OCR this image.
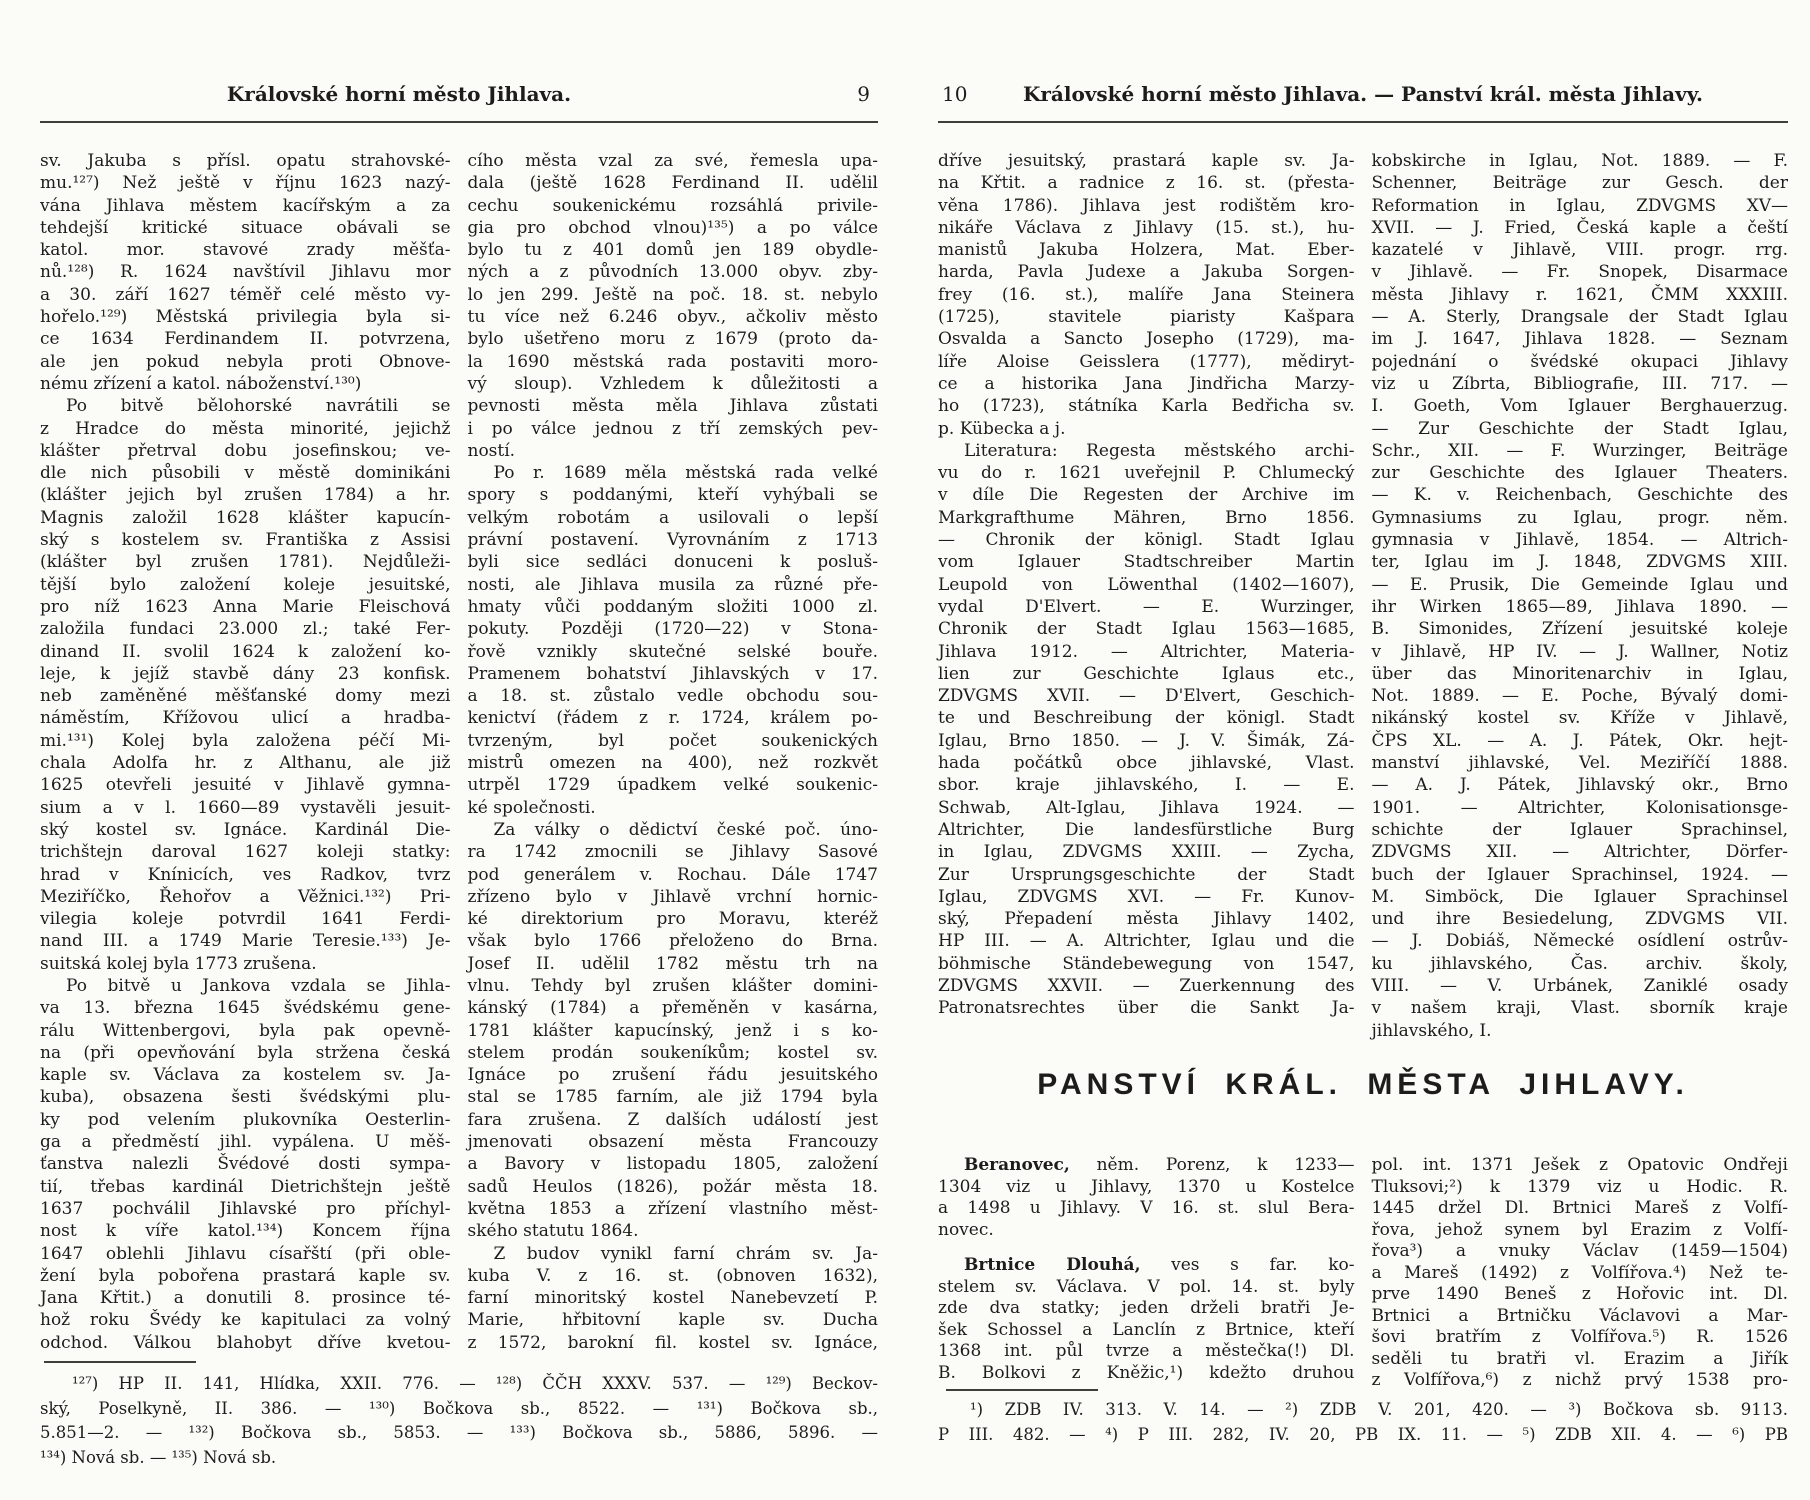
Královské horní město Jihlava.	9
sv. Jakuba s přísl. opatu strahovské-
mu.¹²⁷) Než ještě v říjnu 1623 nazý-
vána Jihlava městem kacířským a za
tehdejší kritické situace obávali se
katol. mor. stavové zrady měšťa-
nů.¹²⁸) R. 1624 navštívil Jihlavu mor
a 30. září 1627 téměř celé město vy-
hořelo.¹²⁹) Městská privilegia byla si-
ce 1634 Ferdinandem II. potvrzena,
ale jen pokud nebyla proti Obnove-
nému zřízení a katol. náboženství.¹³⁰)
Po bitvě bělohorské navrátili se
z Hradce do města minorité, jejichž
klášter přetrval dobu josefinskou; ve-
dle nich působili v městě dominikáni
(klášter jejich byl zrušen 1784) a hr.
Magnis založil 1628 klášter kapucín-
ský s kostelem sv. Františka z Assisi
(klášter byl zrušen 1781). Nejdůleži-
tější bylo založení koleje jesuitské,
pro níž 1623 Anna Marie Fleischová
založila fundaci 23.000 zl.; také Fer-
dinand II. svolil 1624 k založení ko-
leje, k jejíž stavbě dány 23 konfisk.
neb zaměněné měšťanské domy mezi
náměstím, Křížovou ulicí a hradba-
mi.¹³¹) Kolej byla založena péčí Mi-
chala Adolfa hr. z Althanu, ale již
1625 otevřeli jesuité v Jihlavě gymna-
sium a v l. 1660—89 vystavěli jesuit-
ský kostel sv. Ignáce. Kardinál Die-
trichštejn daroval 1627 koleji statky:
hrad v Knínicích, ves Radkov, tvrz
Meziříčko, Řehořov a Věžnici.¹³²) Pri-
vilegia koleje potvrdil 1641 Ferdi-
nand III. a 1749 Marie Teresie.¹³³) Je-
suitská kolej byla 1773 zrušena.
Po bitvě u Jankova vzdala se Jihla-
va 13. března 1645 švédskému gene-
rálu Wittenbergovi, byla pak opevně-
na (při opevňování byla stržena česká
kaple sv. Václava za kostelem sv. Ja-
kuba), obsazena šesti švédskými plu-
ky pod velením plukovníka Oesterlin-
ga a předměstí jihl. vypálena. U měš-
ťanstva nalezli Švédové dosti sympa-
tií, třebas kardinál Dietrichštejn ještě
1637 pochválil Jihlavské pro příchyl-
nost k víře katol.¹³⁴) Koncem října
1647 oblehli Jihlavu císařští (při oble-
žení byla pobořena prastará kaple sv.
Jana Křtit.) a donutili 8. prosince té-
hož roku Švédy ke kapitulaci za volný
odchod. Válkou blahobyt dříve kvetou-
cího města vzal za své, řemesla upa-
dala (ještě 1628 Ferdinand II. udělil
cechu soukenickému rozsáhlá privile-
gia pro obchod vlnou)¹³⁵) a po válce
bylo tu z 401 domů jen 189 obydle-
ných a z původních 13.000 obyv. zby-
lo jen 299. Ještě na poč. 18. st. nebylo
tu více než 6.246 obyv., ačkoliv město
bylo ušetřeno moru z 1679 (proto da-
la 1690 městská rada postaviti moro-
vý sloup). Vzhledem k důležitosti a
pevnosti města měla Jihlava zůstati
i po válce jednou z tří zemských pev-
ností.
Po r. 1689 měla městská rada velké
spory s poddanými, kteří vyhýbali se
velkým robotám a usilovali o lepší
právní postavení. Vyrovnáním z 1713
byli sice sedláci donuceni k posluš-
nosti, ale Jihlava musila za různé pře-
hmaty vůči poddaným složiti 1000 zl.
pokuty. Později (1720—22) v Stona-
řově vznikly skutečné selské bouře.
Pramenem bohatství Jihlavských v 17.
a 18. st. zůstalo vedle obchodu sou-
kenictví (řádem z r. 1724, králem po-
tvrzeným, byl počet soukenických
mistrů omezen na 400), než rozkvět
utrpěl 1729 úpadkem velké soukenic-
ké společnosti.
Za války o dědictví české poč. úno-
ra 1742 zmocnili se Jihlavy Sasové
pod generálem v. Rochau. Dále 1747
zřízeno bylo v Jihlavě vrchní hornic-
ké direktorium pro Moravu, kteréž
však bylo 1766 přeloženo do Brna.
Josef II. udělil 1782 městu trh na
vlnu. Tehdy byl zrušen klášter domini-
kánský (1784) a přeměněn v kasárna,
1781 klášter kapucínský, jenž i s ko-
stelem prodán soukeníkům; kostel sv.
Ignáce po zrušení řádu jesuitského
stal se 1785 farním, ale již 1794 byla
fara zrušena. Z dalších událostí jest
jmenovati obsazení města Francouzy
a Bavory v listopadu 1805, založení
sadů Heulos (1826), požár města 18.
května 1853 a zřízení vlastního měst-
ského statutu 1864.
Z budov vynikl farní chrám sv. Ja-
kuba V. z 16. st. (obnoven 1632),
farní minoritský kostel Nanebevzetí P.
Marie, hřbitovní kaple sv. Ducha
z 1572, barokní fil. kostel sv. Ignáce,
¹²⁷) HP II. 141, Hlídka, XXII. 776. — ¹²⁸) ČČH XXXV. 537. — ¹²⁹) Beckov-
ský, Poselkyně, II. 386. — ¹³⁰) Bočkova sb., 8522. — ¹³¹) Bočkova sb.,
5.851—2. — ¹³²) Bočkova sb., 5853. — ¹³³) Bočkova sb., 5886, 5896. —
¹³⁴) Nová sb. — ¹³⁵) Nová sb.
10	Královské horní město Jihlava. — Panství král. města Jihlavy.
dříve jesuitský, prastará kaple sv. Ja-
na Křtit. a radnice z 16. st. (přesta-
věna 1786). Jihlava jest rodištěm kro-
nikáře Václava z Jihlavy (15. st.), hu-
manistů Jakuba Holzera, Mat. Eber-
harda, Pavla Judexe a Jakuba Sorgen-
frey (16. st.), malíře Jana Steinera
(1725), stavitele piaristy Kašpara
Osvalda a Sancto Josepho (1729), ma-
líře Aloise Geisslera (1777), mědiryt-
ce a historika Jana Jindřicha Marzy-
ho (1723), státníka Karla Bedřicha sv.
p. Kübecka a j.
Literatura: Regesta městského archi-
vu do r. 1621 uveřejnil P. Chlumecký
v díle Die Regesten der Archive im
Markgrafthume Mähren, Brno 1856.
— Chronik der königl. Stadt Iglau
vom Iglauer Stadtschreiber Martin
Leupold von Löwenthal (1402—1607),
vydal D'Elvert. — E. Wurzinger,
Chronik der Stadt Iglau 1563—1685,
Jihlava 1912. — Altrichter, Materia-
lien zur Geschichte Iglaus etc.,
ZDVGMS XVII. — D'Elvert, Geschich-
te und Beschreibung der königl. Stadt
Iglau, Brno 1850. — J. V. Šimák, Zá-
hada počátků obce jihlavské, Vlast.
sbor. kraje jihlavského, I. — E.
Schwab, Alt-Iglau, Jihlava 1924. —
Altrichter, Die landesfürstliche Burg
in Iglau, ZDVGMS XXIII. — Zycha,
Zur Ursprungsgeschichte der Stadt
Iglau, ZDVGMS XVI. — Fr. Kunov-
ský, Přepadení města Jihlavy 1402,
HP III. — A. Altrichter, Iglau und die
böhmische Ständebewegung von 1547,
ZDVGMS XXVII. — Zuerkennung des
Patronatsrechtes über die Sankt Ja-
kobskirche in Iglau, Not. 1889. — F.
Schenner, Beiträge zur Gesch. der
Reformation in Iglau, ZDVGMS XV—
XVII. — J. Fried, Česká kaple a čeští
kazatelé v Jihlavě, VIII. progr. rrg.
v Jihlavě. — Fr. Snopek, Disarmace
města Jihlavy r. 1621, ČMM XXXIII.
— A. Sterly, Drangsale der Stadt Iglau
im J. 1647, Jihlava 1828. — Seznam
pojednání o švédské okupaci Jihlavy
viz u Zíbrta, Bibliografie, III. 717. —
I. Goeth, Vom Iglauer Berghauerzug.
— Zur Geschichte der Stadt Iglau,
Schr., XII. — F. Wurzinger, Beiträge
zur Geschichte des Iglauer Theaters.
— K. v. Reichenbach, Geschichte des
Gymnasiums zu Iglau, progr. něm.
gymnasia v Jihlavě, 1854. — Altrich-
ter, Iglau im J. 1848, ZDVGMS XIII.
— E. Prusik, Die Gemeinde Iglau und
ihr Wirken 1865—89, Jihlava 1890. —
B. Simonides, Zřízení jesuitské koleje
v Jihlavě, HP IV. — J. Wallner, Notiz
über das Minoritenarchiv in Iglau,
Not. 1889. — E. Poche, Bývalý domi-
nikánský kostel sv. Kříže v Jihlavě,
ČPS XL. — A. J. Pátek, Okr. hejt-
manství jihlavské, Vel. Meziříčí 1888.
— A. J. Pátek, Jihlavský okr., Brno
1901. — Altrichter, Kolonisationsge-
schichte der Iglauer Sprachinsel,
ZDVGMS XII. — Altrichter, Dörfer-
buch der Iglauer Sprachinsel, 1924. —
M. Simböck, Die Iglauer Sprachinsel
und ihre Besiedelung, ZDVGMS VII.
— J. Dobiáš, Německé osídlení ostrův-
ku jihlavského, Čas. archiv. školy,
VIII. — V. Urbánek, Zaniklé osady
v našem kraji, Vlast. sborník kraje
jihlavského, I.
PANSTVÍ KRÁL. MĚSTA JIHLAVY.
Beranovec, něm. Porenz, k 1233—
1304 viz u Jihlavy, 1370 u Kostelce
a 1498 u Jihlavy. V 16. st. slul Bera-
novec.
Brtnice Dlouhá, ves s far. ko-
stelem sv. Václava. V pol. 14. st. byly
zde dva statky; jeden drželi bratři Je-
šek Schossel a Lanclín z Brtnice, kteří
1368 int. půl tvrze a městečka(!) Dl.
B. Bolkovi z Kněžic,¹) kdežto druhou
pol. int. 1371 Ješek z Opatovic Ondřeji
Tluksovi;²) k 1379 viz u Hodic. R.
1445 držel Dl. Brtnici Mareš z Volfí-
řova, jehož synem byl Erazim z Volfí-
řova³) a vnuky Václav (1459—1504)
a Mareš (1492) z Volfířova.⁴) Než te-
prve 1490 Beneš z Hořovic int. Dl.
Brtnici a Brtničku Václavovi a Mar-
šovi bratřím z Volfířova.⁵) R. 1526
seděli tu bratři vl. Erazim a Jiřík
z Volfířova,⁶) z nichž prvý 1538 pro-
¹) ZDB IV. 313. V. 14. — ²) ZDB V. 201, 420. — ³) Bočkova sb. 9113.
P III. 482. — ⁴) P III. 282, IV. 20, PB IX. 11. — ⁵) ZDB XII. 4. — ⁶) PB
